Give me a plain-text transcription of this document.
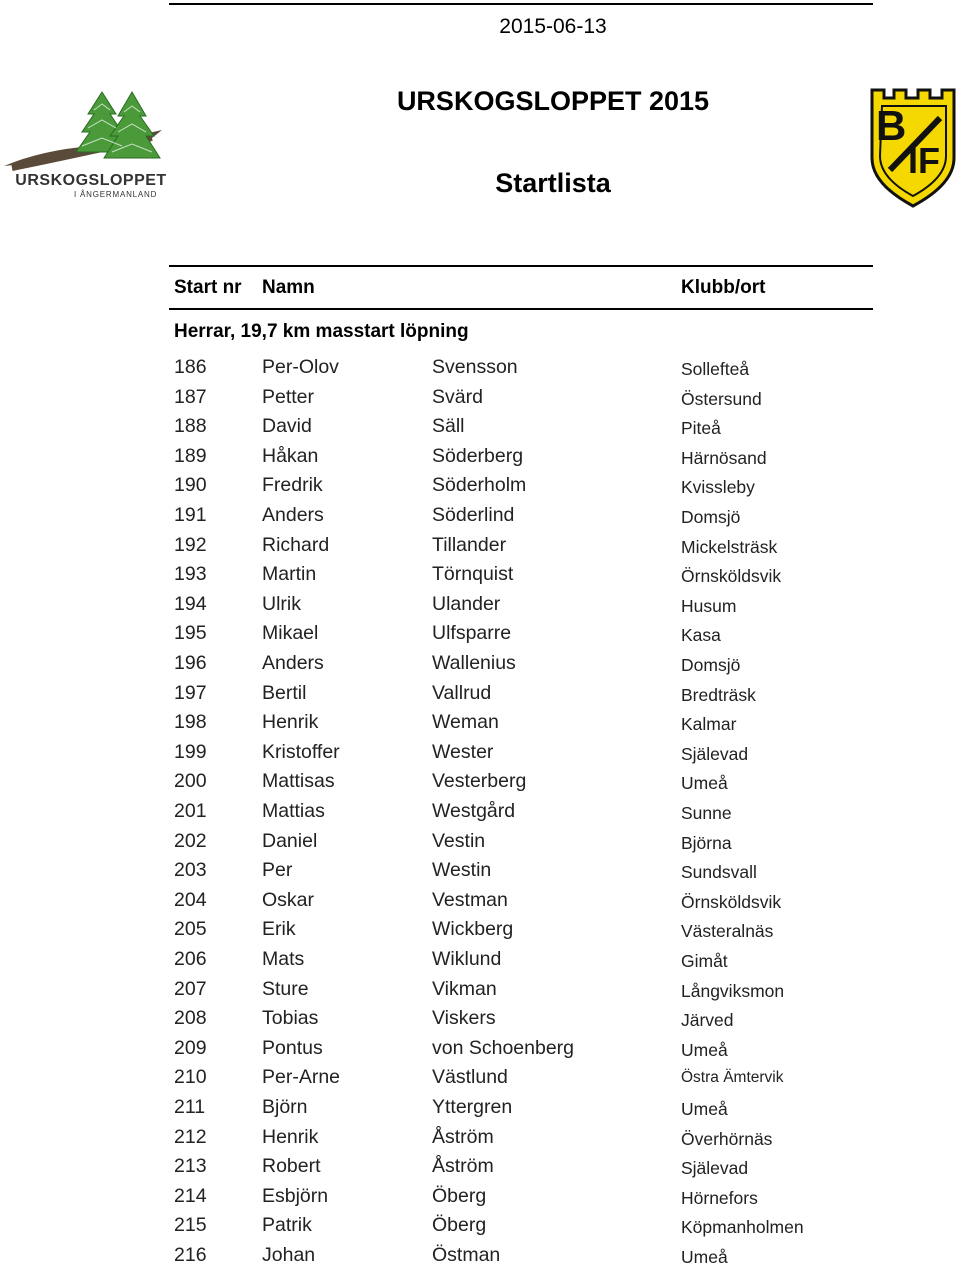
2015-06-13
URSKOGSLOPPET 2015
Startlista
URSKOGSLOPPET
I ÅNGERMANLAND
B
IF
Start nr Namn	Klubb/ort
Herrar, 19,7 km masstart löpning
186	Per-Olov	Svensson	Sollefteå
187	Petter	Svärd	Östersund
188	David	Säll	Piteå
189	Håkan	Söderberg	Härnösand
190	Fredrik	Söderholm	Kvissleby
191	Anders	Söderlind	Domsjö
192	Richard	Tillander	Mickelsträsk
193	Martin	Törnquist	Örnsköldsvik
194	Ulrik	Ulander	Husum
195	Mikael	Ulfsparre	Kasa
196	Anders	Wallenius	Domsjö
197	Bertil	Vallrud	Bredträsk
198	Henrik	Weman	Kalmar
199	Kristoffer	Wester	Själevad
200	Mattisas	Vesterberg	Umeå
201	Mattias	Westgård	Sunne
202	Daniel	Vestin	Björna
203	Per	Westin	Sundsvall
204	Oskar	Vestman	Örnsköldsvik
205	Erik	Wickberg	Västeralnäs
206	Mats	Wiklund	Gimåt
207	Sture	Vikman	Långviksmon
208	Tobias	Viskers	Järved
209	Pontus	von Schoenberg	Umeå
210	Per-Arne	Västlund	Östra Ämtervik
211	Björn	Yttergren	Umeå
212	Henrik	Åström	Överhörnäs
213	Robert	Åström	Själevad
214	Esbjörn	Öberg	Hörnefors
215	Patrik	Öberg	Köpmanholmen
216	Johan	Östman	Umeå
